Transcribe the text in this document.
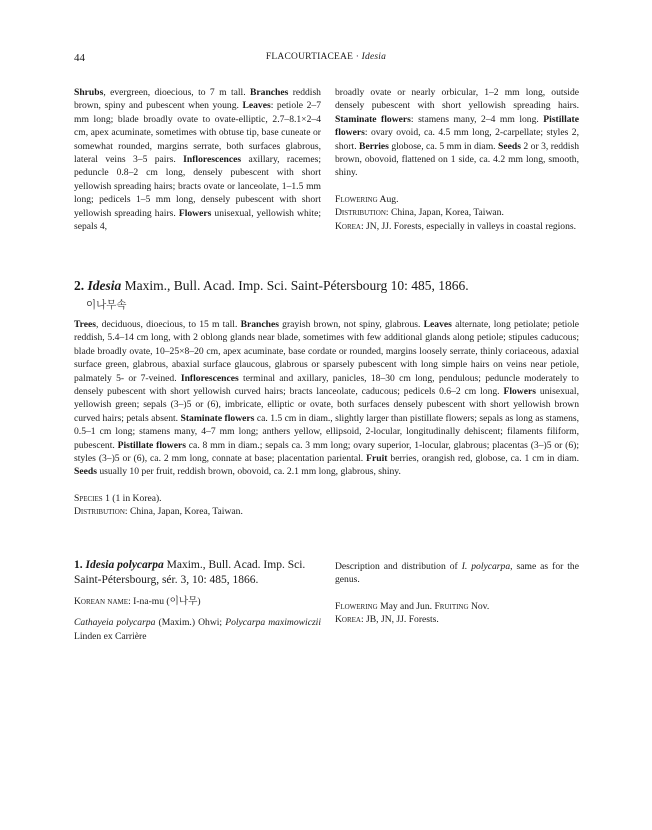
44	FLACOURTIACEAE · Idesia

Shrubs, evergreen, dioecious, to 7 m tall. Branches reddish brown, spiny and pubescent when young. Leaves: petiole 2–7 mm long; blade broadly ovate to ovate-elliptic, 2.7–8.1×2–4 cm, apex acuminate, sometimes with obtuse tip, base cuneate or somewhat rounded, margins serrate, both surfaces glabrous, lateral veins 3–5 pairs. Inflorescences axillary, racemes; peduncle 0.8–2 cm long, densely pubescent with short yellowish spreading hairs; bracts ovate or lanceolate, 1–1.5 mm long; pedicels 1–5 mm long, densely pubescent with short yellowish spreading hairs. Flowers unisexual, yellowish white; sepals 4,

broadly ovate or nearly orbicular, 1–2 mm long, outside densely pubescent with short yellowish spreading hairs. Staminate flowers: stamens many, 2–4 mm long. Pistillate flowers: ovary ovoid, ca. 4.5 mm long, 2-carpellate; styles 2, short. Berries globose, ca. 5 mm in diam. Seeds 2 or 3, reddish brown, obovoid, flattened on 1 side, ca. 4.2 mm long, smooth, shiny.

Flowering Aug.

Distribution: China, Japan, Korea, Taiwan.

Korea: JN, JJ. Forests, especially in valleys in coastal regions.

2. Idesia Maxim., Bull. Acad. Imp. Sci. Saint-Pétersbourg 10: 485, 1866.
이나무속

Trees, deciduous, dioecious, to 15 m tall. Branches grayish brown, not spiny, glabrous. Leaves alternate, long petiolate; petiole reddish, 5.4–14 cm long, with 2 oblong glands near blade, sometimes with few additional glands along petiole; stipules caducous; blade broadly ovate, 10–25×8–20 cm, apex acuminate, base cordate or rounded, margins loosely serrate, thinly coriaceous, adaxial surface green, glabrous, abaxial surface glaucous, glabrous or sparsely pubescent with long simple hairs on veins near petiole, palmately 5- or 7-veined. Inflorescences terminal and axillary, panicles, 18–30 cm long, pendulous; peduncle moderately to densely pubescent with short yellowish curved hairs; bracts lanceolate, caducous; pedicels 0.6–2 cm long. Flowers unisexual, yellowish green; sepals (3–)5 or (6), imbricate, elliptic or ovate, both surfaces densely pubescent with short yellowish brown curved hairs; petals absent. Staminate flowers ca. 1.5 cm in diam., slightly larger than pistillate flowers; sepals as long as stamens, 0.5–1 cm long; stamens many, 4–7 mm long; anthers yellow, ellipsoid, 2-locular, longitudinally dehiscent; filaments filiform, pubescent. Pistillate flowers ca. 8 mm in diam.; sepals ca. 3 mm long; ovary superior, 1-locular, glabrous; placentas (3–)5 or (6); styles (3–)5 or (6), ca. 2 mm long, connate at base; placentation pariental. Fruit berries, orangish red, globose, ca. 1 cm in diam. Seeds usually 10 per fruit, reddish brown, obovoid, ca. 2.1 mm long, glabrous, shiny.

Species 1 (1 in Korea).

Distribution: China, Japan, Korea, Taiwan.

1. Idesia polycarpa Maxim., Bull. Acad. Imp. Sci. Saint-Pétersbourg, sér. 3, 10: 485, 1866.

Korean name: I-na-mu (이나무)

Cathayeia polycarpa (Maxim.) Ohwi; Polycarpa maximowiczii Linden ex Carrière

Description and distribution of I. polycarpa, same as for the genus.

Flowering May and Jun. Fruiting Nov.

Korea: JB, JN, JJ. Forests.
